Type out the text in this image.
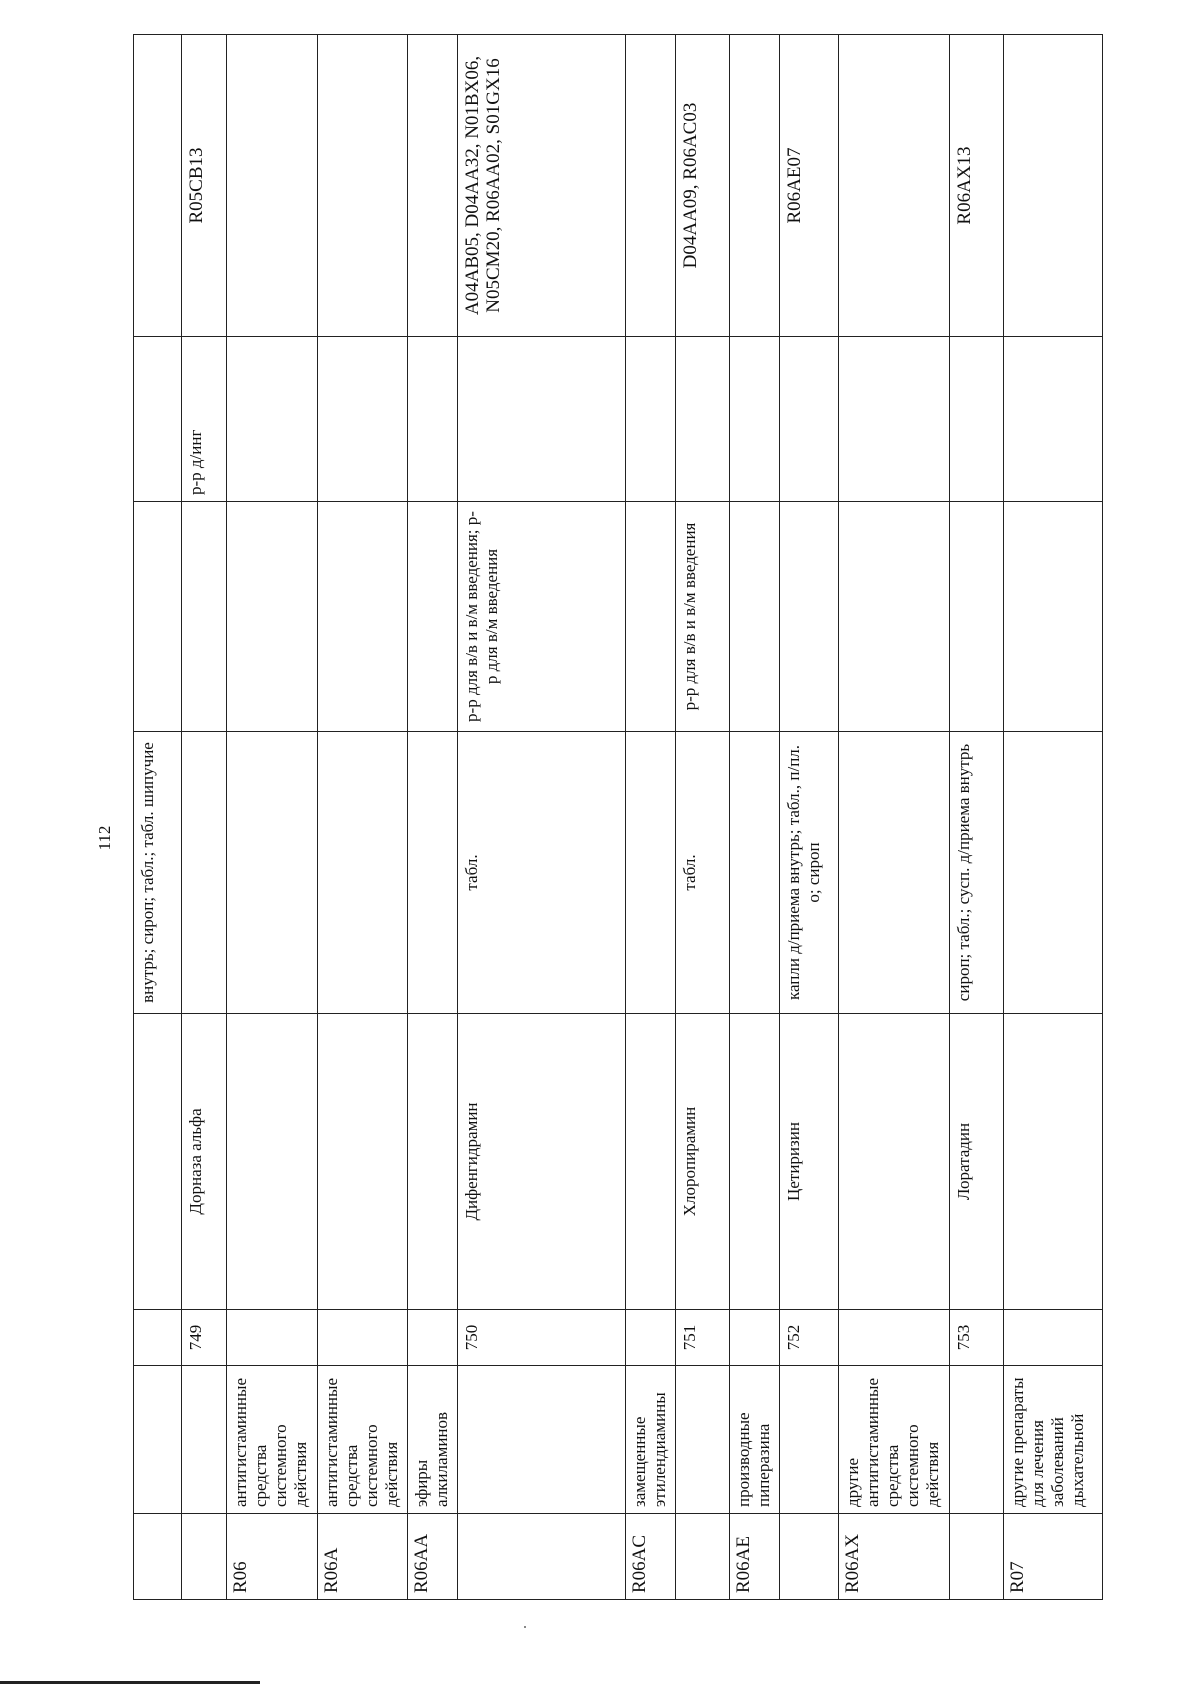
112
				внутрь; сироп; табл.; табл. шипучие			
		749	Дорназа альфа			р-р д/инг	R05CB13
R06	антигистаминные средства системного действия						
R06A	антигистаминные средства системного действия						
R06AA	эфиры алкиламинов						
		750	Дифенгидрамин	табл.	р-р для в/в и в/м введения; р-р для в/м введения		A04AB05, D04AA32, N01BX06, N05CM20, R06AA02, S01GX16
R06AC	замещенные этилендиамины						
		751	Хлоропирамин	табл.	р-р для в/в и в/м введения		D04AA09, R06AC03
R06AE	производные пиперазина						
		752	Цетиризин	капли д/приема внутрь; табл., п/пл. о; сироп			R06AE07
R06AX	другие антигистаминные средства системного действия						
		753	Лоратадин	сироп; табл.; сусп. д/приема внутрь			R06AX13
R07	другие препараты для лечения заболеваний дыхательной						
